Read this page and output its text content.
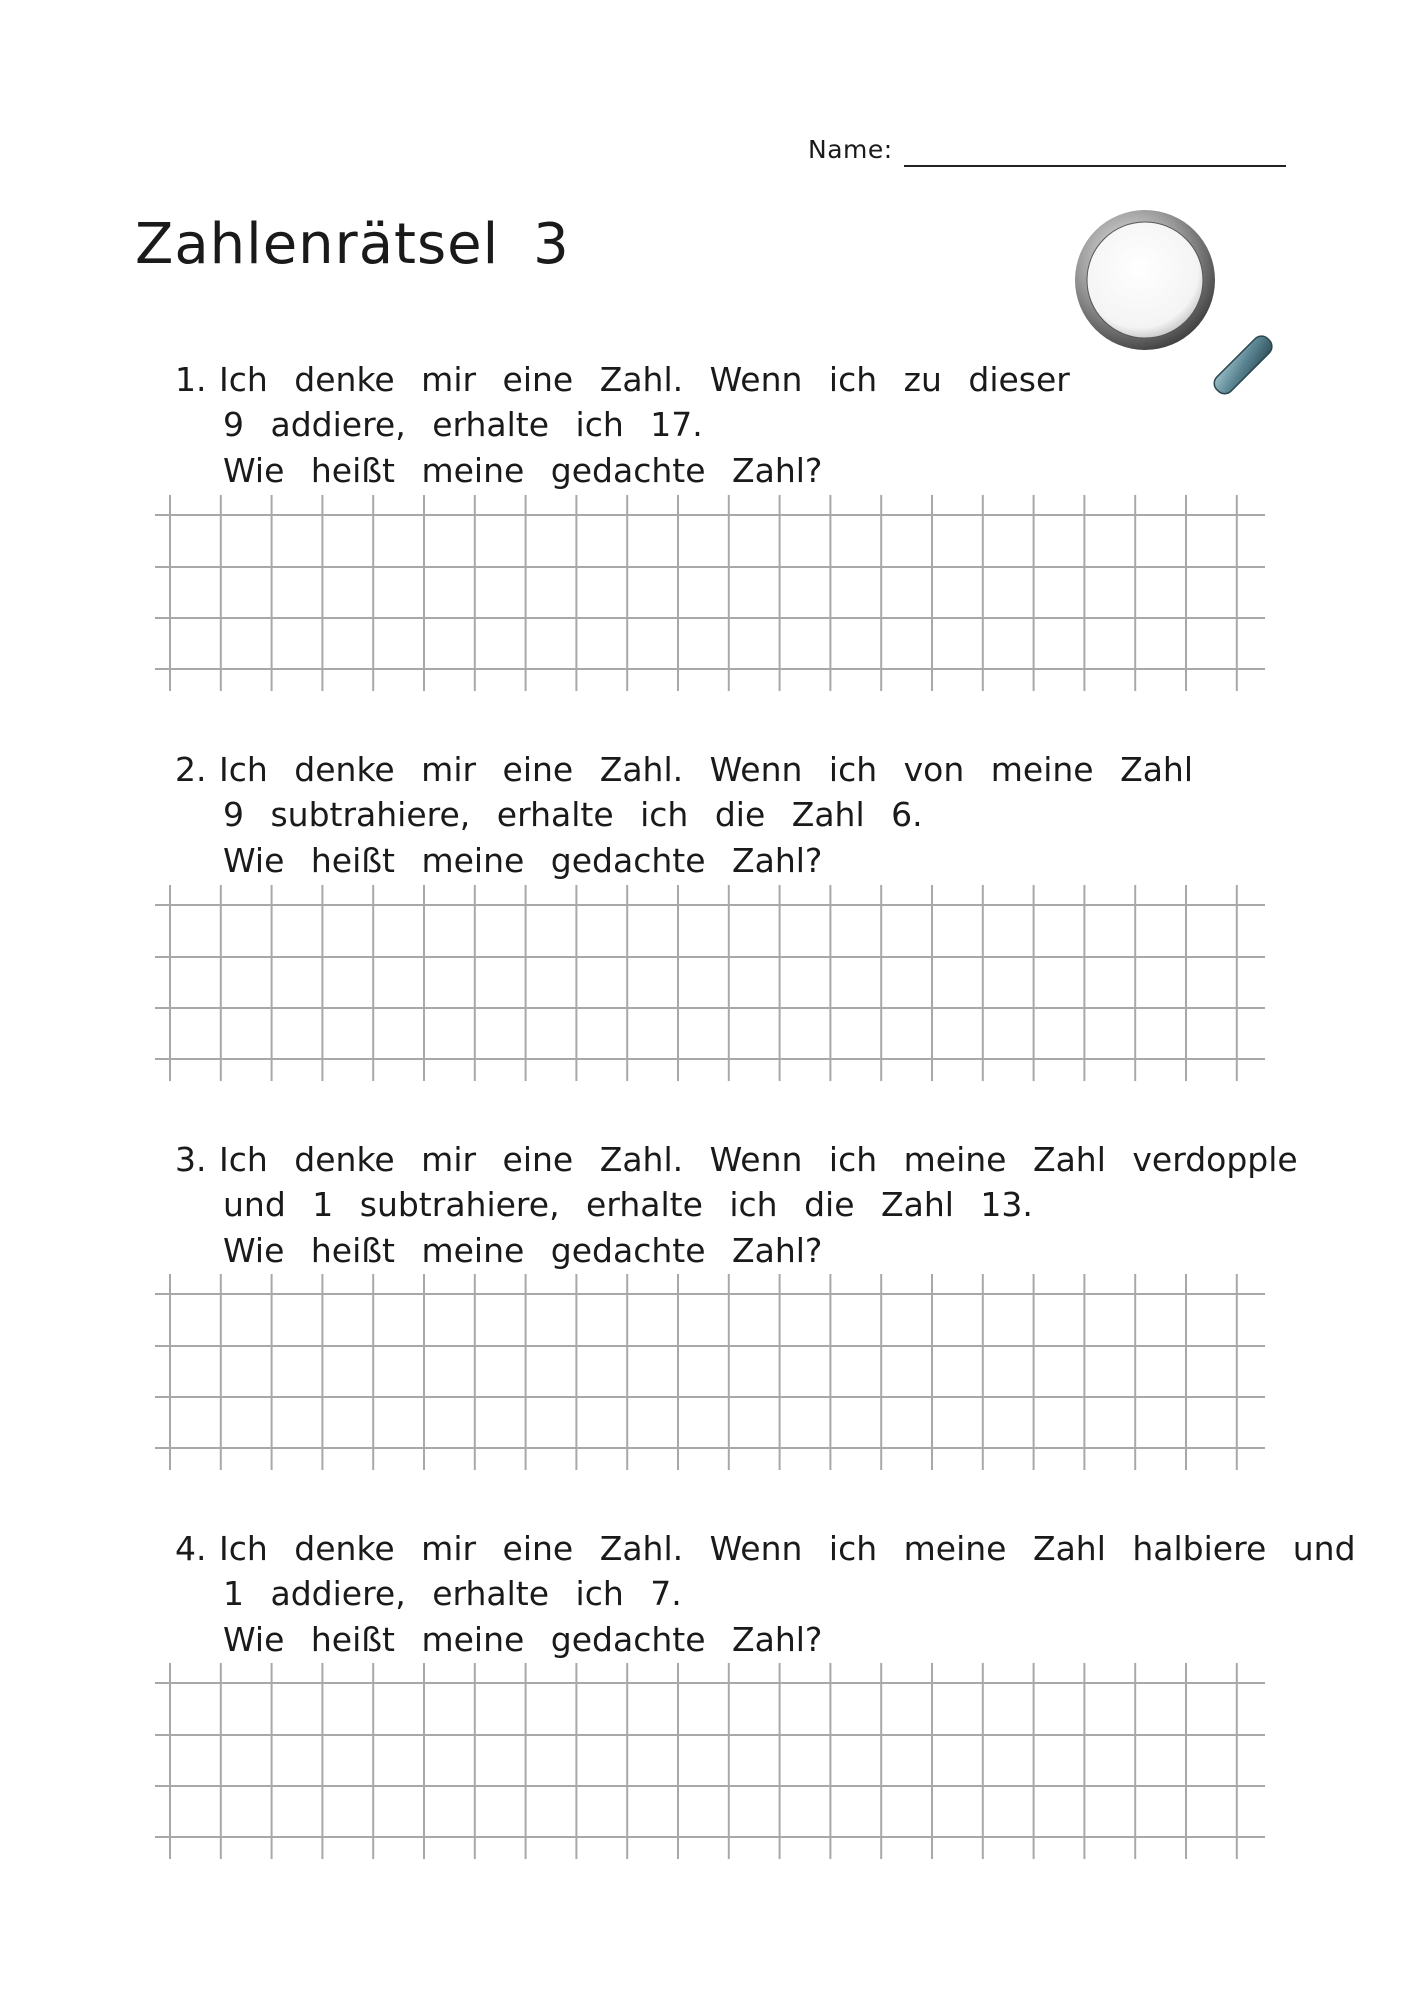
Name:
Zahlenrätsel 3
1. Ich denke mir eine Zahl. Wenn ich zu dieser
9 addiere, erhalte ich 17.
Wie heißt meine gedachte Zahl?
2. Ich denke mir eine Zahl. Wenn ich von meine Zahl
9 subtrahiere, erhalte ich die Zahl 6.
Wie heißt meine gedachte Zahl?
3. Ich denke mir eine Zahl. Wenn ich meine Zahl verdopple
und 1 subtrahiere, erhalte ich die Zahl 13.
Wie heißt meine gedachte Zahl?
4. Ich denke mir eine Zahl. Wenn ich meine Zahl halbiere und
1 addiere, erhalte ich 7.
Wie heißt meine gedachte Zahl?
